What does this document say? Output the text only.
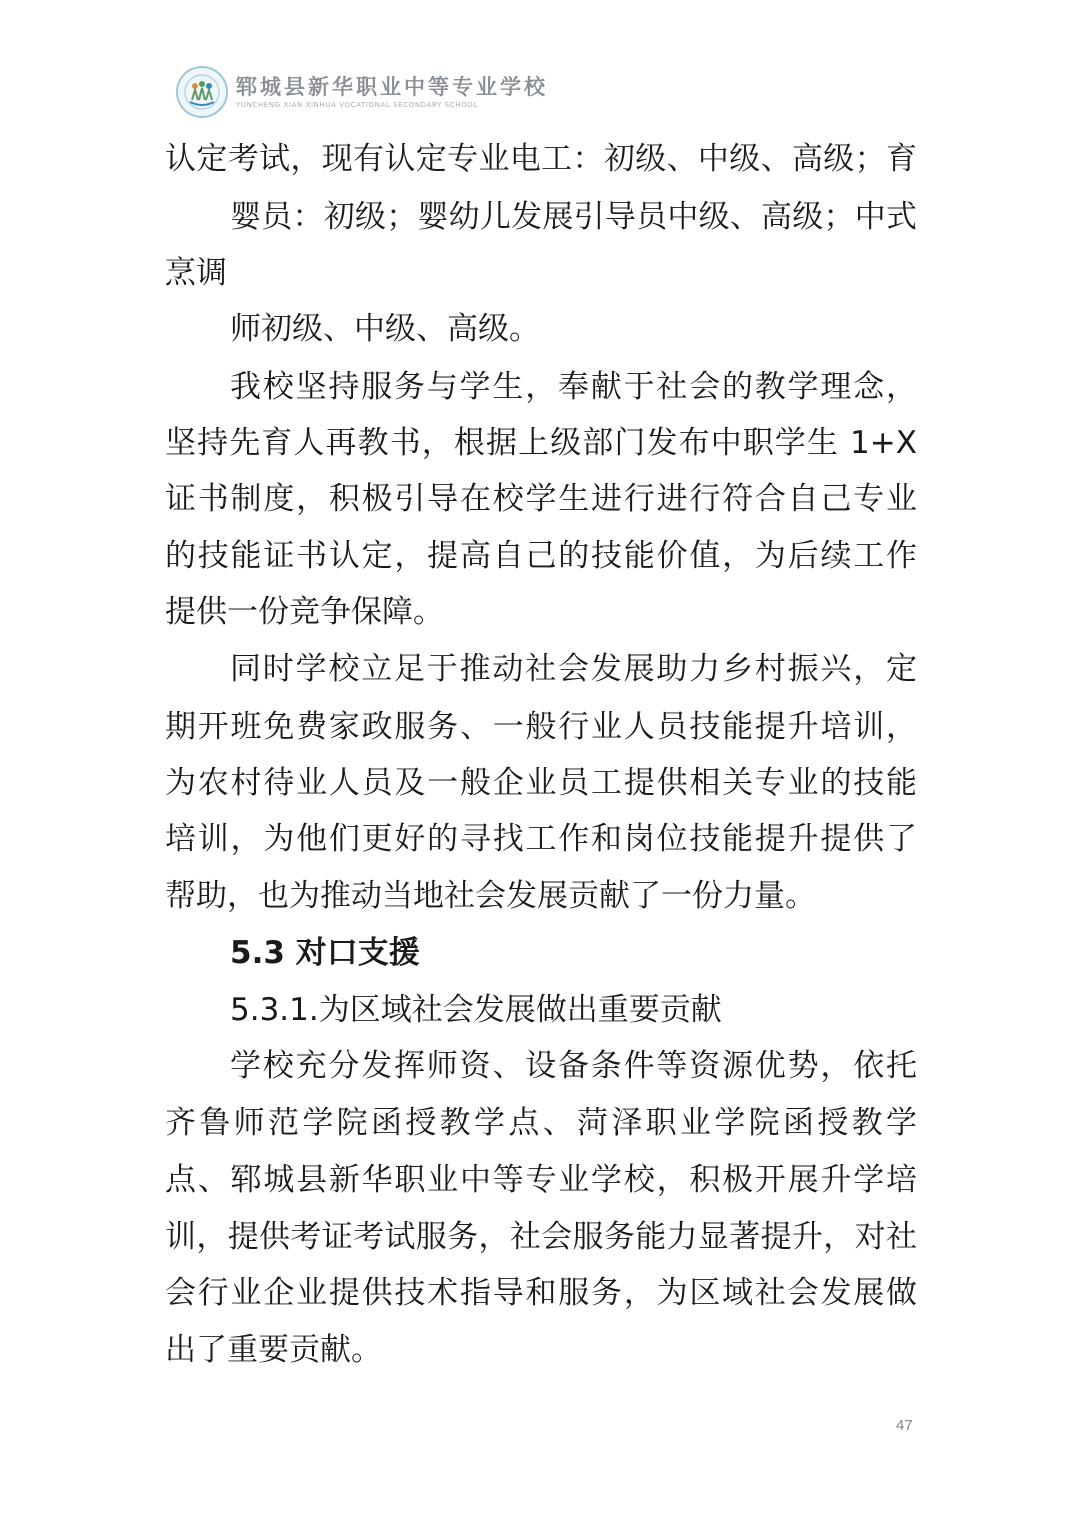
郓城县新华职业中等专业学校
YUNCHENG XIAN XINHUA VOCATIONAL SECONDARY SCHOOL
认定考试，现有认定专业电工：初级、中级、高级；育
婴员：初级；婴幼儿发展引导员中级、高级；中式
烹调
师初级、中级、高级。
我校坚持服务与学生，奉献于社会的教学理念，
坚持先育人再教书，根据上级部门发布中职学生 1+X
证书制度，积极引导在校学生进行进行符合自己专业
的技能证书认定，提高自己的技能价值，为后续工作
提供一份竞争保障。
同时学校立足于推动社会发展助力乡村振兴，定
期开班免费家政服务、一般行业人员技能提升培训，
为农村待业人员及一般企业员工提供相关专业的技能
培训，为他们更好的寻找工作和岗位技能提升提供了
帮助，也为推动当地社会发展贡献了一份力量。
5.3 对口支援
5.3.1.为区域社会发展做出重要贡献
学校充分发挥师资、设备条件等资源优势，依托
齐鲁师范学院函授教学点、菏泽职业学院函授教学
点、郓城县新华职业中等专业学校，积极开展升学培
训，提供考证考试服务，社会服务能力显著提升，对社
会行业企业提供技术指导和服务，为区域社会发展做
出了重要贡献。
47
